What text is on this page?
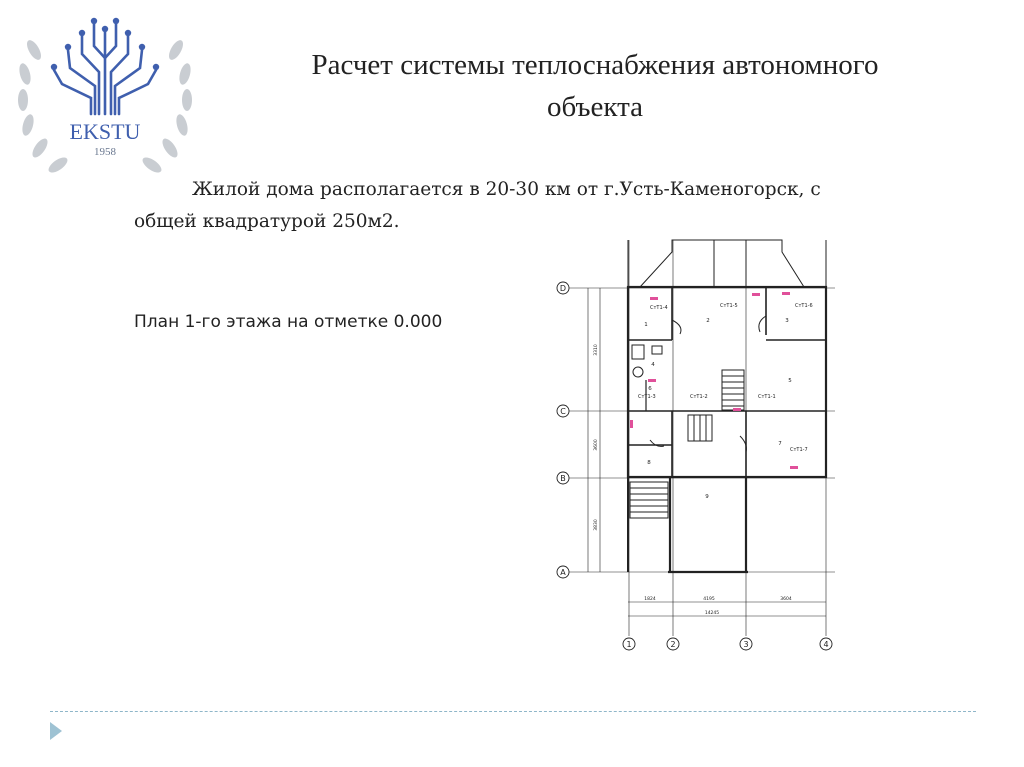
EKSTU
1958
Расчет системы теплоснабжения автономного
объекта
Жилой дома располагается в 20-30 км от г.Усть-Каменогорск, с
общей квадратурой 250м2.
План 1-го этажа на отметке 0.000
D
C
B
A
1	2	3	4
1
2	3
4
5
6
7
8
9
СтТ1-4	СтТ1-5	СтТ1-6
СтТ1-3	СтТ1-2	СтТ1-1
СтТ1-7
3310
3600
3830
1824	4195	3604
14245
